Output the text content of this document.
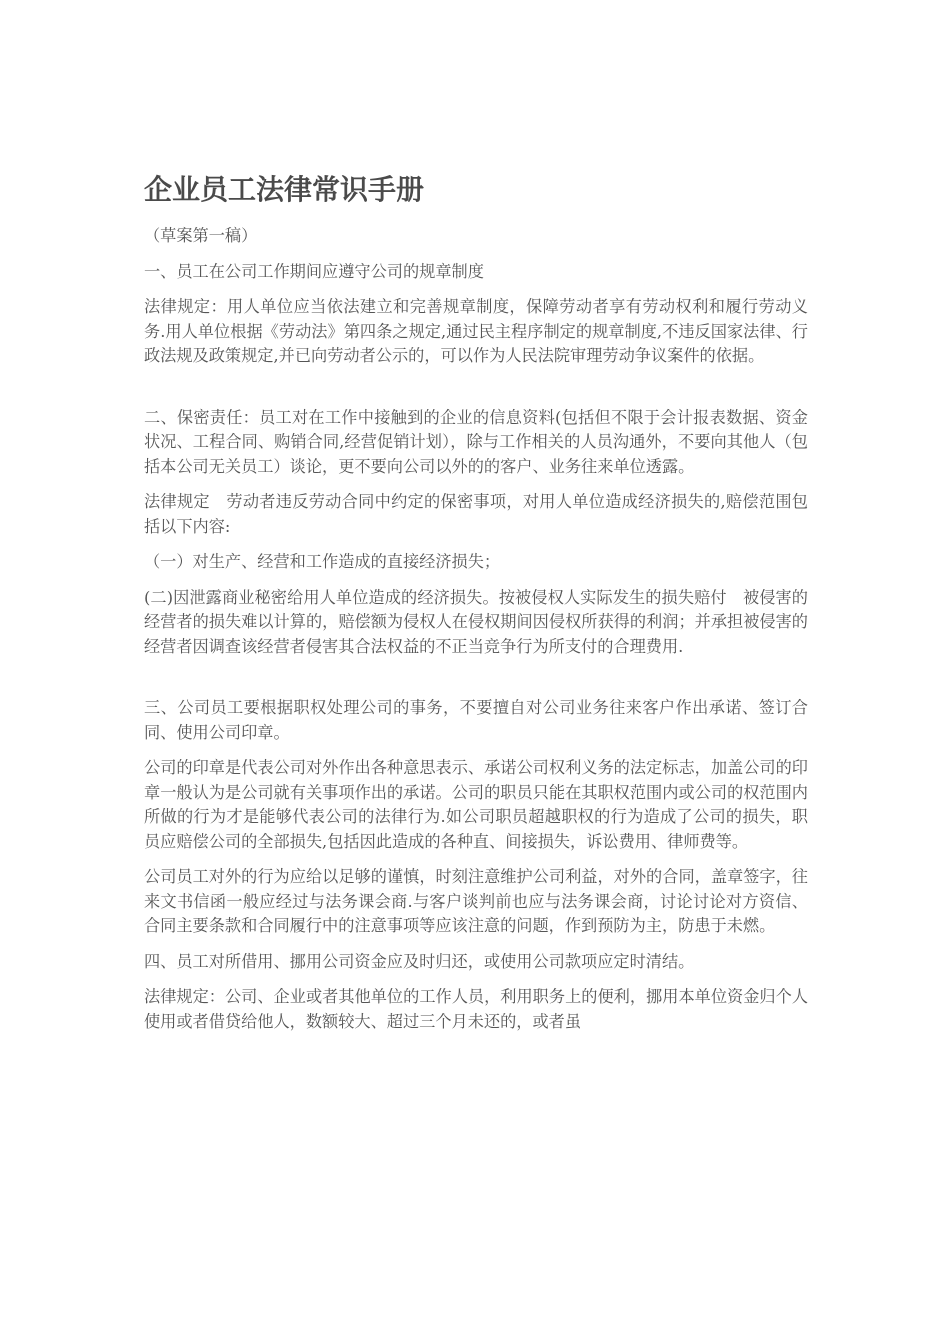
企业员工法律常识手册

（草案第一稿）

一、员工在公司工作期间应遵守公司的规章制度

法律规定：用人单位应当依法建立和完善规章制度，保障劳动者享有劳动权利和履行劳动义务.用人单位根据《劳动法》第四条之规定,通过民主程序制定的规章制度,不违反国家法律、行政法规及政策规定,并已向劳动者公示的，可以作为人民法院审理劳动争议案件的依据。

二、保密责任：员工对在工作中接触到的企业的信息资料(包括但不限于会计报表数据、资金状况、工程合同、购销合同,经营促销计划），除与工作相关的人员沟通外，不要向其他人（包括本公司无关员工）谈论，更不要向公司以外的的客户、业务往来单位透露。

法律规定　劳动者违反劳动合同中约定的保密事项，对用人单位造成经济损失的,赔偿范围包括以下内容:

（一）对生产、经营和工作造成的直接经济损失；

(二)因泄露商业秘密给用人单位造成的经济损失。按被侵权人实际发生的损失赔付　被侵害的经营者的损失难以计算的，赔偿额为侵权人在侵权期间因侵权所获得的利润；并承担被侵害的经营者因调查该经营者侵害其合法权益的不正当竞争行为所支付的合理费用.

三、公司员工要根据职权处理公司的事务，不要擅自对公司业务往来客户作出承诺、签订合同、使用公司印章。

公司的印章是代表公司对外作出各种意思表示、承诺公司权利义务的法定标志，加盖公司的印章一般认为是公司就有关事项作出的承诺。公司的职员只能在其职权范围内或公司的权范围内所做的行为才是能够代表公司的法律行为.如公司职员超越职权的行为造成了公司的损失，职员应赔偿公司的全部损失,包括因此造成的各种直、间接损失，诉讼费用、律师费等。

公司员工对外的行为应给以足够的谨慎，时刻注意维护公司利益，对外的合同，盖章签字，往来文书信函一般应经过与法务课会商.与客户谈判前也应与法务课会商，讨论讨论对方资信、合同主要条款和合同履行中的注意事项等应该注意的问题，作到预防为主，防患于未燃。

四、员工对所借用、挪用公司资金应及时归还，或使用公司款项应定时清结。

法律规定：公司、企业或者其他单位的工作人员，利用职务上的便利，挪用本单位资金归个人使用或者借贷给他人，数额较大、超过三个月未还的，或者虽
